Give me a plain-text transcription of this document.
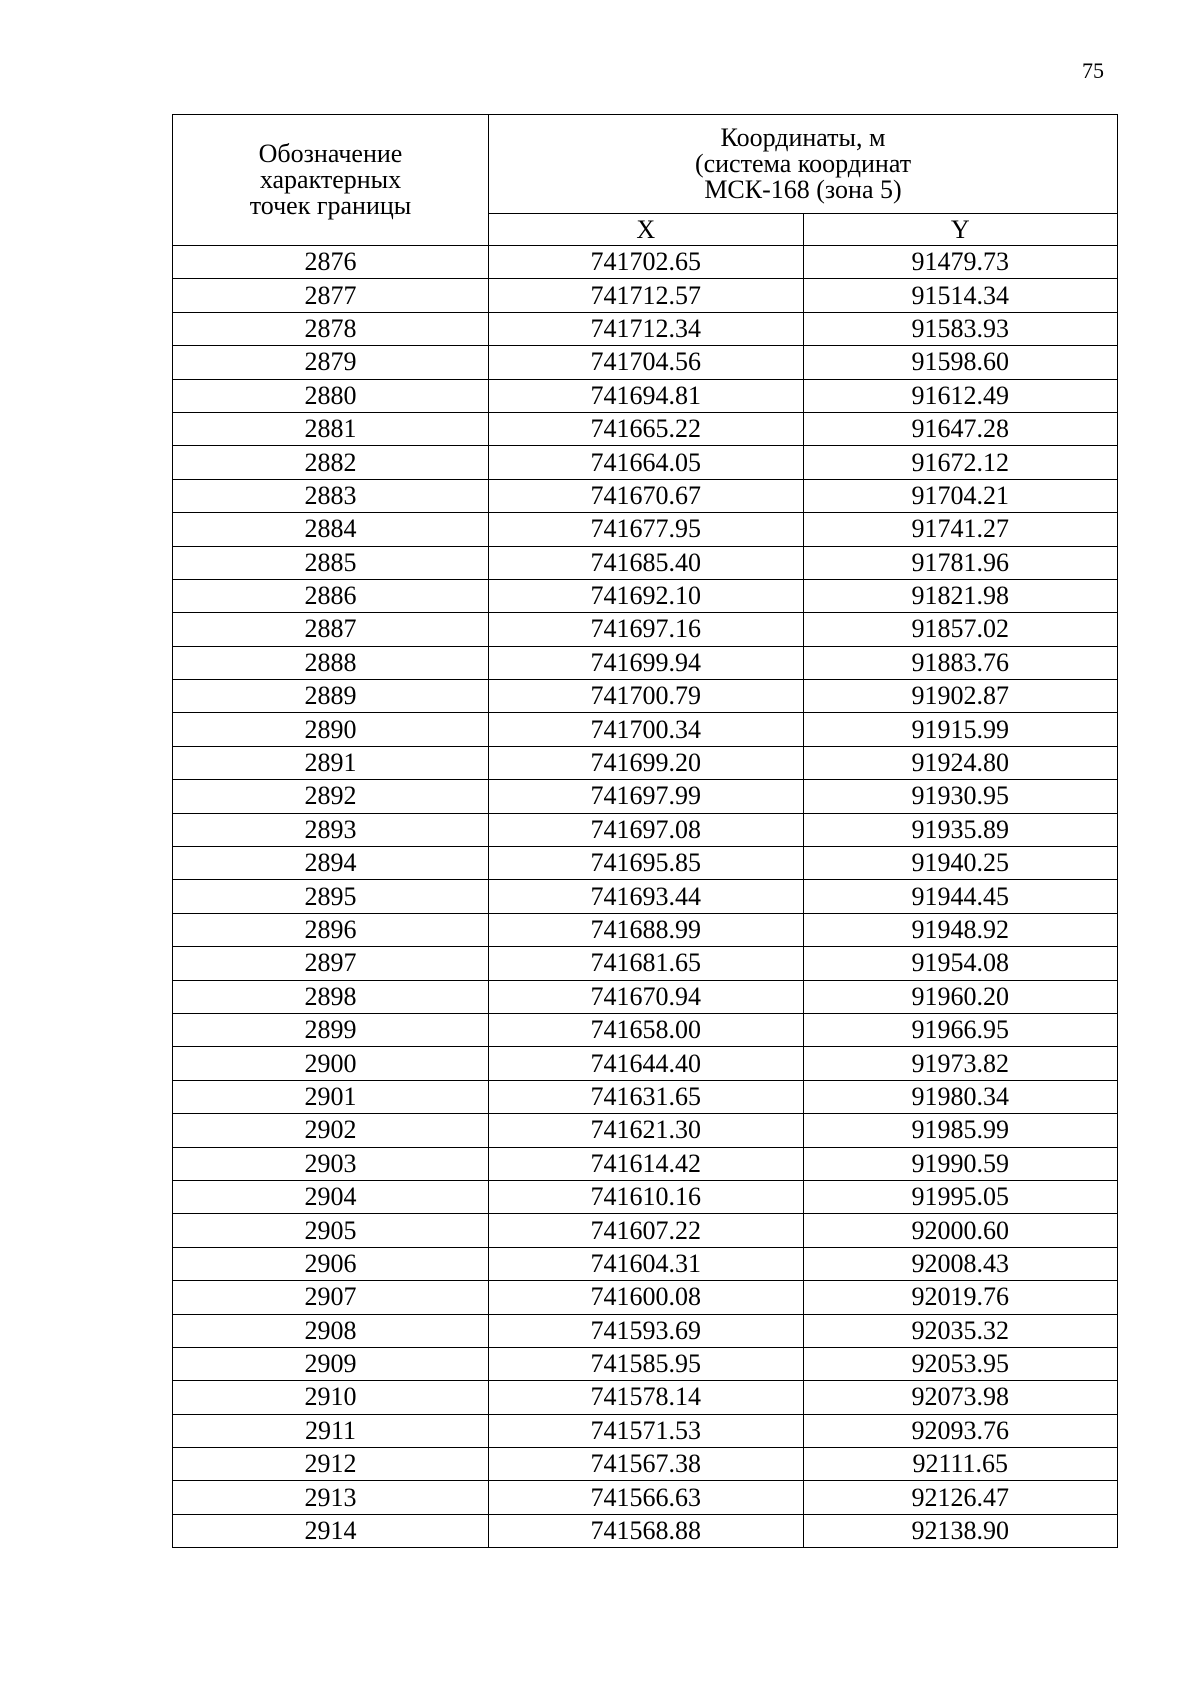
75
Обозначение
характерных
точек границы	Координаты, м
(система координат
МСК-168 (зона 5)	

	X	Y
2876	741702.65	91479.73
2877	741712.57	91514.34
2878	741712.34	91583.93
2879	741704.56	91598.60
2880	741694.81	91612.49
2881	741665.22	91647.28
2882	741664.05	91672.12
2883	741670.67	91704.21
2884	741677.95	91741.27
2885	741685.40	91781.96
2886	741692.10	91821.98
2887	741697.16	91857.02
2888	741699.94	91883.76
2889	741700.79	91902.87
2890	741700.34	91915.99
2891	741699.20	91924.80
2892	741697.99	91930.95
2893	741697.08	91935.89
2894	741695.85	91940.25
2895	741693.44	91944.45
2896	741688.99	91948.92
2897	741681.65	91954.08
2898	741670.94	91960.20
2899	741658.00	91966.95
2900	741644.40	91973.82
2901	741631.65	91980.34
2902	741621.30	91985.99
2903	741614.42	91990.59
2904	741610.16	91995.05
2905	741607.22	92000.60
2906	741604.31	92008.43
2907	741600.08	92019.76
2908	741593.69	92035.32
2909	741585.95	92053.95
2910	741578.14	92073.98
2911	741571.53	92093.76
2912	741567.38	92111.65
2913	741566.63	92126.47
2914	741568.88	92138.90
